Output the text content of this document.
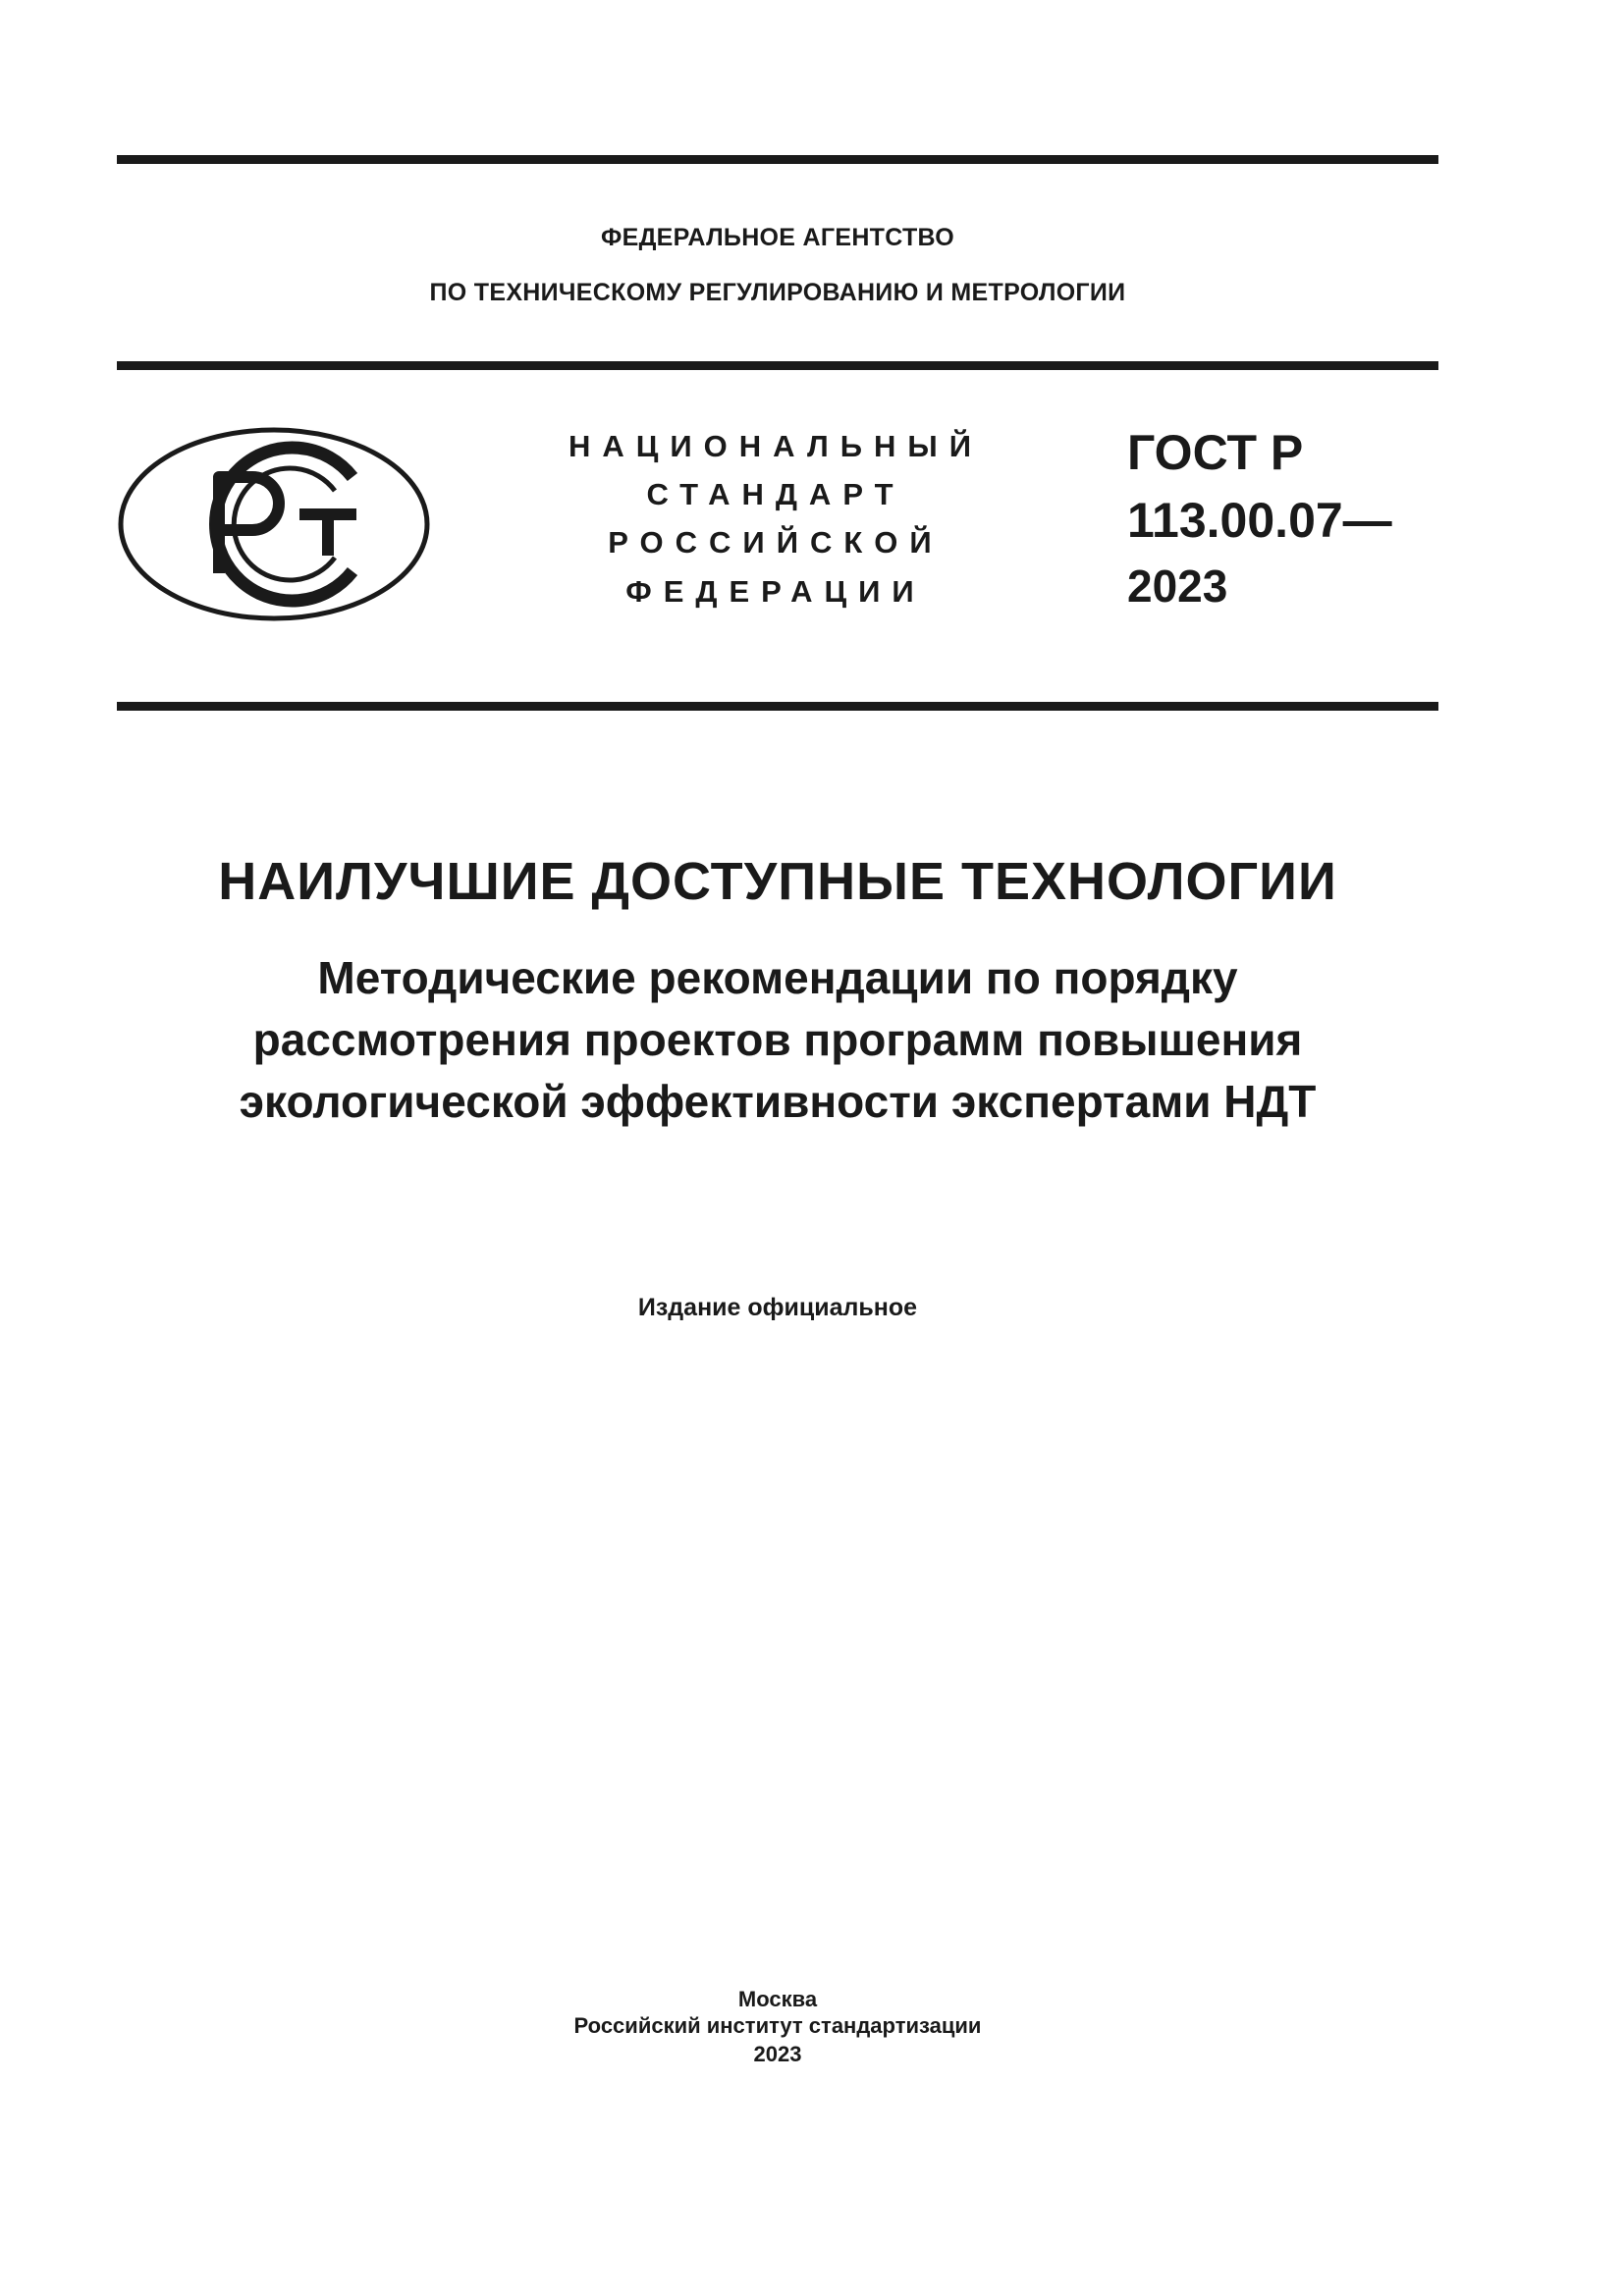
ФЕДЕРАЛЬНОЕ АГЕНТСТВО
ПО ТЕХНИЧЕСКОМУ РЕГУЛИРОВАНИЮ И МЕТРОЛОГИИ
НАЦИОНАЛЬНЫЙ
СТАНДАРТ
РОССИЙСКОЙ
ФЕДЕРАЦИИ
ГОСТ Р
113.00.07—
2023
НАИЛУЧШИЕ ДОСТУПНЫЕ ТЕХНОЛОГИИ
Методические рекомендации по порядку
рассмотрения проектов программ повышения
экологической эффективности экспертами НДТ
Издание официальное
Москва
Российский институт стандартизации
2023
